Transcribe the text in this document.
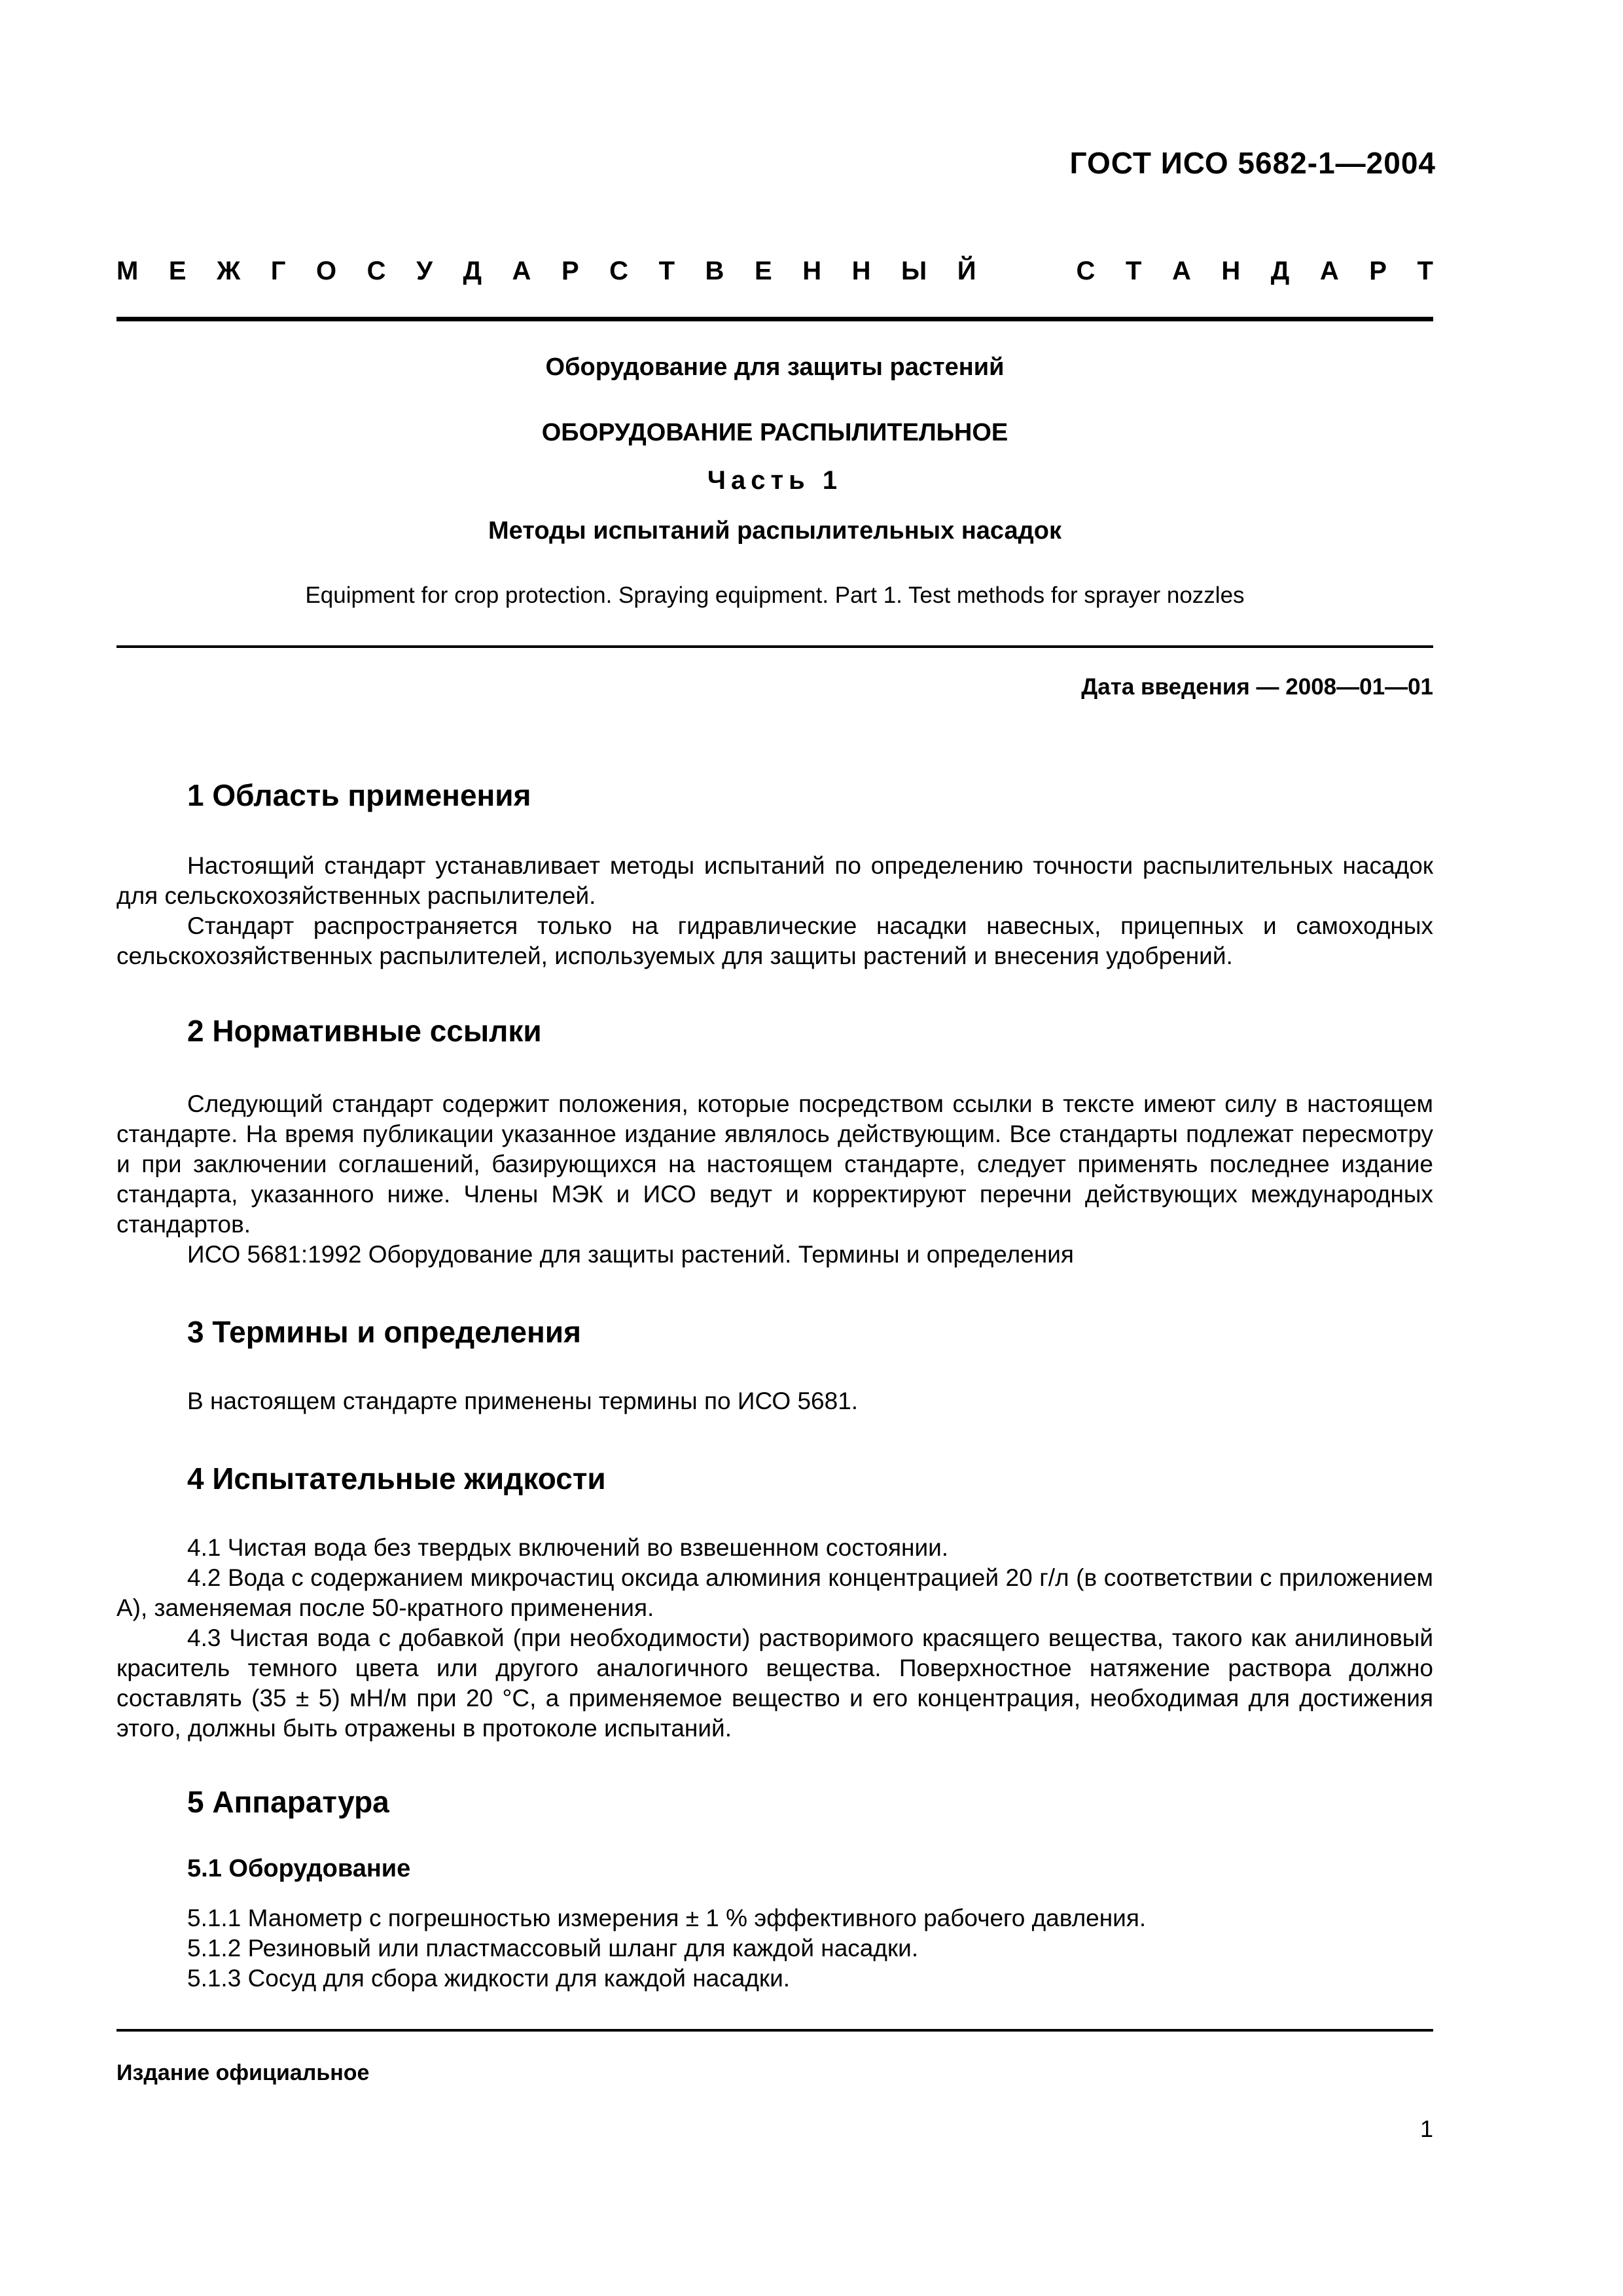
ГОСТ ИСО 5682-1—2004
М Е Ж Г О С У Д А Р С Т В Е Н Н Ы Й	С Т А Н Д А Р Т
Оборудование для защиты растений
ОБОРУДОВАНИЕ РАСПЫЛИТЕЛЬНОЕ
Часть 1
Методы испытаний распылительных насадок
Equipment for crop protection. Spraying equipment. Part 1. Test methods for sprayer nozzles
Дата введения — 2008—01—01
1 Область применения
Настоящий стандарт устанавливает методы испытаний по определению точности распылительных насадок для сельскохозяйственных распылителей.
Стандарт распространяется только на гидравлические насадки навесных, прицепных и самоходных сельскохозяйственных распылителей, используемых для защиты растений и внесения удобрений.
2 Нормативные ссылки
Следующий стандарт содержит положения, которые посредством ссылки в тексте имеют силу в настоящем стандарте. На время публикации указанное издание являлось действующим. Все стандарты подлежат пересмотру и при заключении соглашений, базирующихся на настоящем стандарте, следует применять последнее издание стандарта, указанного ниже. Члены МЭК и ИСО ведут и корректируют перечни действующих международных стандартов.
ИСО 5681:1992 Оборудование для защиты растений. Термины и определения
3 Термины и определения
В настоящем стандарте применены термины по ИСО 5681.
4 Испытательные жидкости
4.1 Чистая вода без твердых включений во взвешенном состоянии.
4.2 Вода с содержанием микрочастиц оксида алюминия концентрацией 20 г/л (в соответствии с приложением А), заменяемая после 50-кратного применения.
4.3 Чистая вода с добавкой (при необходимости) растворимого красящего вещества, такого как анилиновый краситель темного цвета или другого аналогичного вещества. Поверхностное натяжение раствора должно составлять (35 ± 5) мН/м при 20 °С, а применяемое вещество и его концентрация, необходимая для достижения этого, должны быть отражены в протоколе испытаний.
5 Аппаратура
5.1 Оборудование
5.1.1 Манометр с погрешностью измерения ± 1 % эффективного рабочего давления.
5.1.2 Резиновый или пластмассовый шланг для каждой насадки.
5.1.3 Сосуд для сбора жидкости для каждой насадки.
Издание официальное
1
